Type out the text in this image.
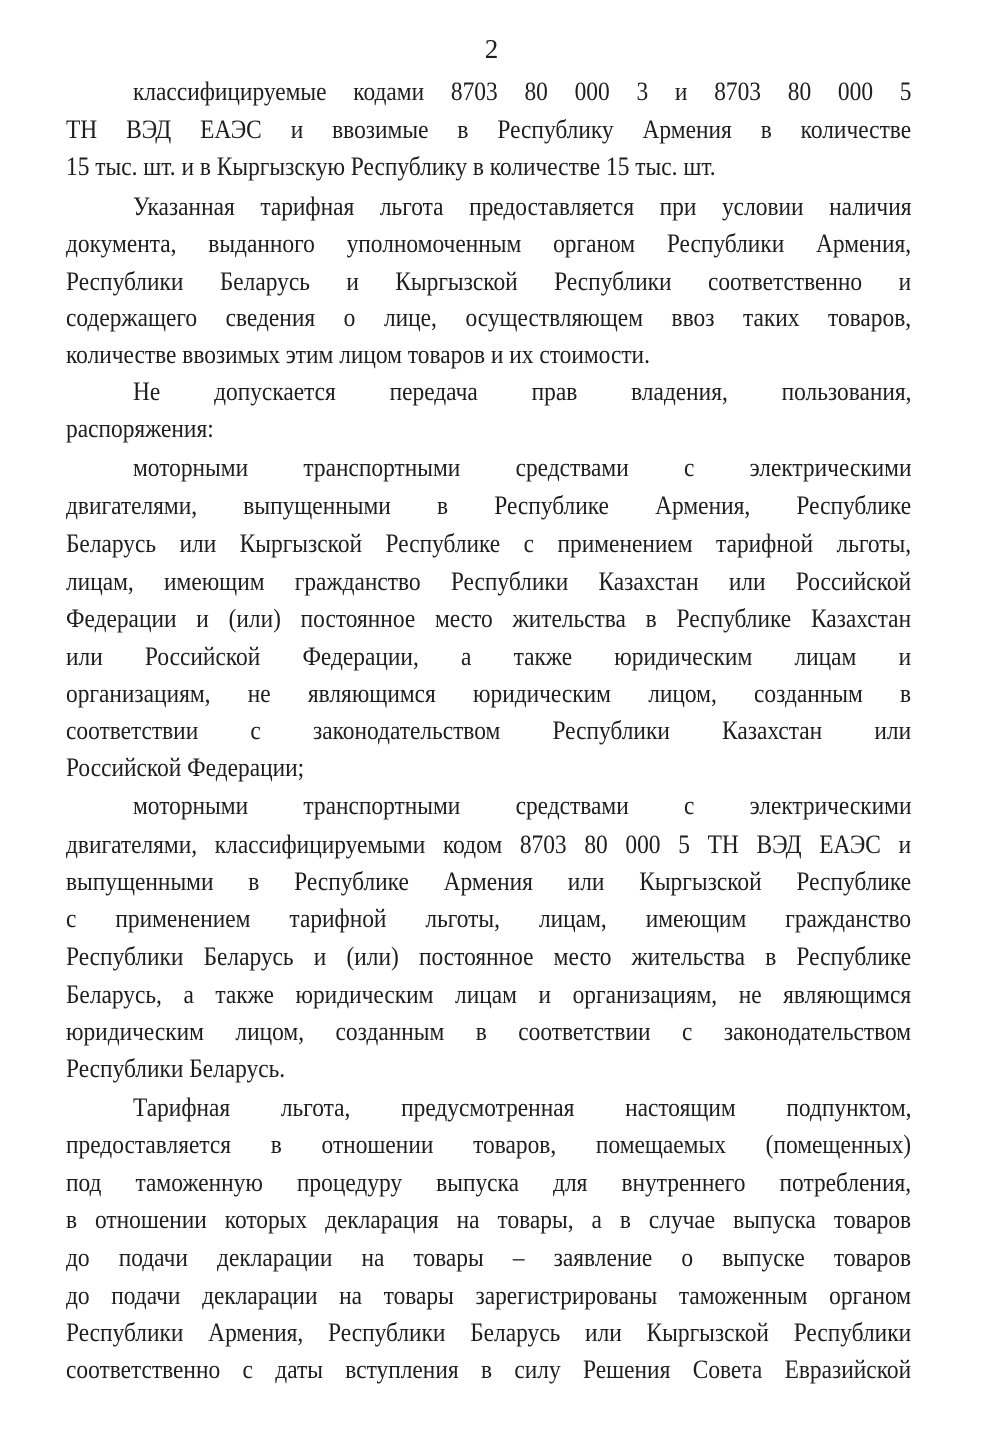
2
классифицируемые кодами 8703 80 000 3 и 8703 80 000 5
ТН ВЭД ЕАЭС и ввозимые в Республику Армения в количестве
15 тыс. шт. и в Кыргызскую Республику в количестве 15 тыс. шт.
Указанная тарифная льгота предоставляется при условии наличия
документа, выданного уполномоченным органом Республики Армения,
Республики Беларусь и Кыргызской Республики соответственно и
содержащего сведения о лице, осуществляющем ввоз таких товаров,
количестве ввозимых этим лицом товаров и их стоимости.
Не допускается передача прав владения, пользования,
распоряжения:
моторными транспортными средствами с электрическими
двигателями, выпущенными в Республике Армения, Республике
Беларусь или Кыргызской Республике с применением тарифной льготы,
лицам, имеющим гражданство Республики Казахстан или Российской
Федерации и (или) постоянное место жительства в Республике Казахстан
или Российской Федерации, а также юридическим лицам и
организациям, не являющимся юридическим лицом, созданным в
соответствии с законодательством Республики Казахстан или
Российской Федерации;
моторными транспортными средствами с электрическими
двигателями, классифицируемыми кодом 8703 80 000 5 ТН ВЭД ЕАЭС и
выпущенными в Республике Армения или Кыргызской Республике
с применением тарифной льготы, лицам, имеющим гражданство
Республики Беларусь и (или) постоянное место жительства в Республике
Беларусь, а также юридическим лицам и организациям, не являющимся
юридическим лицом, созданным в соответствии с законодательством
Республики Беларусь.
Тарифная льгота, предусмотренная настоящим подпунктом,
предоставляется в отношении товаров, помещаемых (помещенных)
под таможенную процедуру выпуска для внутреннего потребления,
в отношении которых декларация на товары, а в случае выпуска товаров
до подачи декларации на товары – заявление о выпуске товаров
до подачи декларации на товары зарегистрированы таможенным органом
Республики Армения, Республики Беларусь или Кыргызской Республики
соответственно с даты вступления в силу Решения Совета Евразийской
